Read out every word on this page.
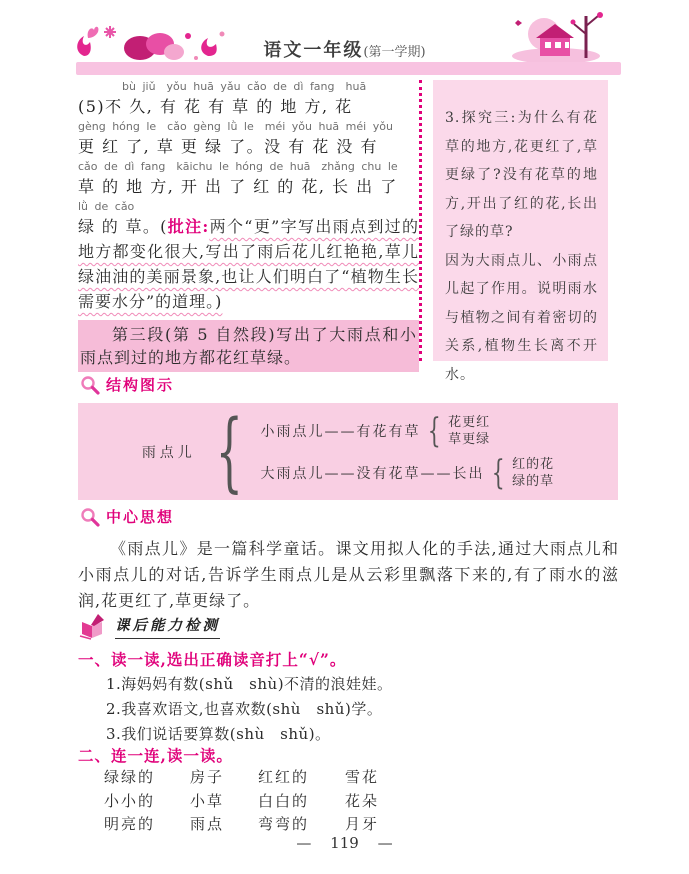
语文一年级(第一学期)
bù jiǔ yǒu huā yǎu cǎo de dì fang huā
(5)不 久, 有 花 有 草 的 地 方, 花
gèng hóng le cǎo gèng lǜ le méi yǒu huā méi yǒu
更 红 了, 草 更 绿 了。没 有 花 没 有
cǎo de dì fang kāichu le hóng de huā zhǎng chu le
草 的 地 方, 开 出 了 红 的 花, 长 出 了
lǜ de cǎo

绿 的 草。(批注:两个“更”字写出雨点到过的地方都变化很大,写出了雨后花儿红艳艳,草儿绿油油的美丽景象,也让人们明白了“植物生长需要水分”的道理。)

第三段(第 5 自然段)写出了大雨点和小雨点到过的地方都花红草绿。

3.探究三:为什么有花草的地方,花更红了,草更绿了?没有花草的地方,开出了红的花,长出了绿的草?

因为大雨点儿、小雨点儿起了作用。说明雨水与植物之间有着密切的关系,植物生长离不开水。

结构图示
雨点儿 { 小雨点儿——有花有草 { 花更红
草更绿
大雨点儿——没有花草——长出 { 红的花
绿的草
中心思想

《雨点儿》是一篇科学童话。课文用拟人化的手法,通过大雨点儿和小雨点儿的对话,告诉学生雨点儿是从云彩里飘落下来的,有了雨水的滋润,花更红了,草更绿了。

课后能力检测
一、读一读,选出正确读音打上“√”。
1.海妈妈有数(shǔ　shù)不清的浪娃娃。
2.我喜欢语文,也喜欢数(shù　shǔ)学。
3.我们说话要算数(shù　shǔ)。
二、连一连,读一读。
绿绿的	房子	红红的	雪花
小小的	小草	白白的	花朵
明亮的	雨点	弯弯的	月牙
— 119 —
